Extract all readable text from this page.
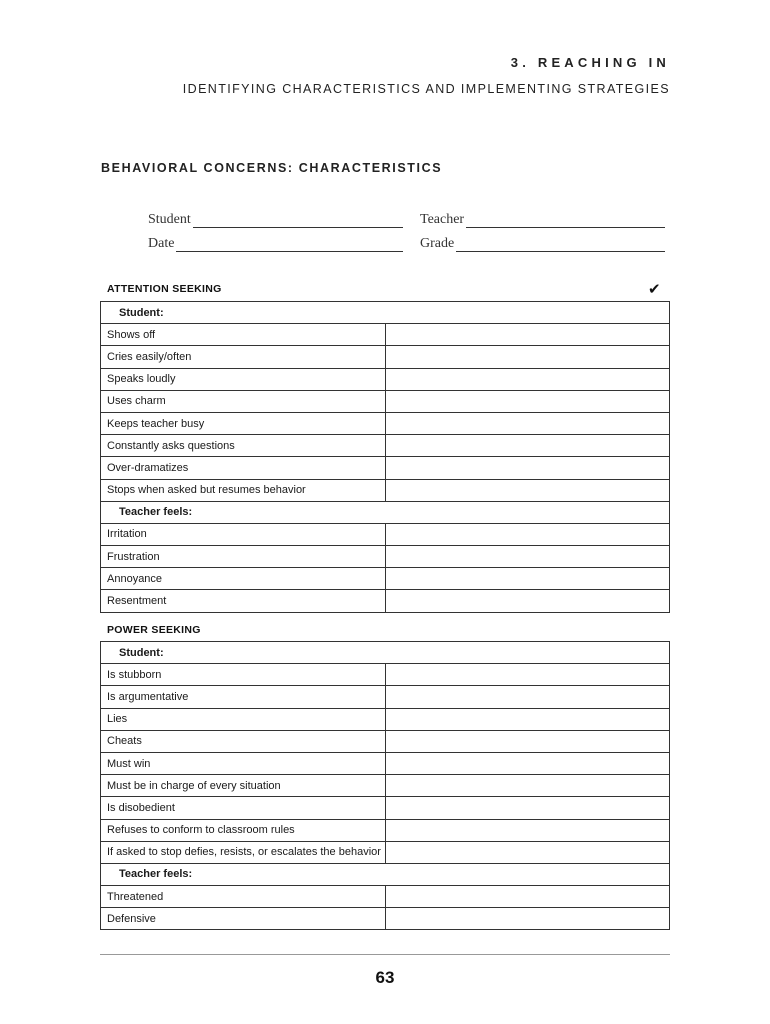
3. REACHING IN
IDENTIFYING CHARACTERISTICS AND IMPLEMENTING STRATEGIES
BEHAVIORAL CONCERNS: CHARACTERISTICS
Student	Teacher
Date	Grade
ATTENTION SEEKING	✔
Student:	
Shows off	
Cries easily/often	
Speaks loudly	
Uses charm	
Keeps teacher busy	
Constantly asks questions	
Over-dramatizes	
Stops when asked but resumes behavior	
Teacher feels:	
Irritation	
Frustration	
Annoyance	
Resentment	
POWER SEEKING
Student:	
Is stubborn	
Is argumentative	
Lies	
Cheats	
Must win	
Must be in charge of every situation	
Is disobedient	
Refuses to conform to classroom rules	
If asked to stop defies, resists, or escalates the behavior	
Teacher feels:	
Threatened	
Defensive	
63
